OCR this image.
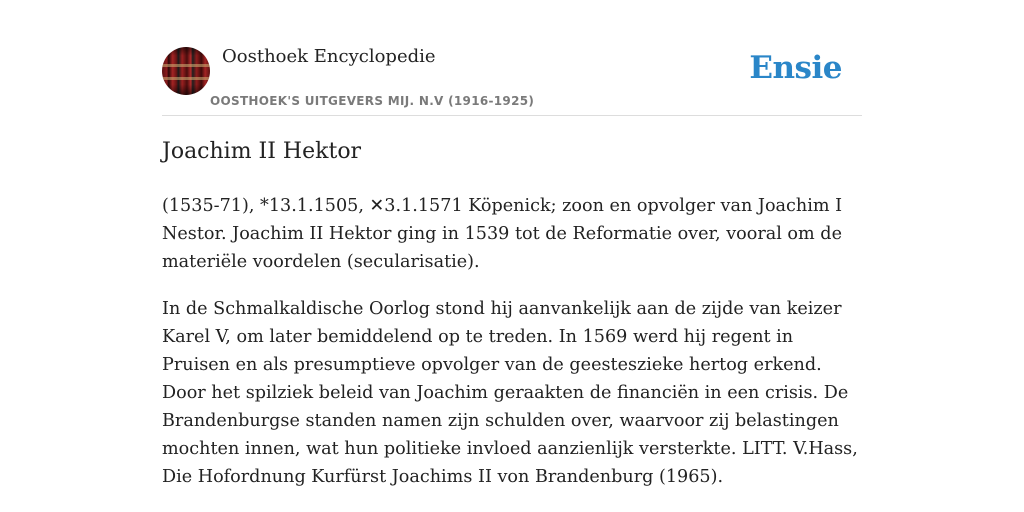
Oosthoek Encyclopedie
OOSTHOEK'S UITGEVERS MIJ. N.V (1916-1925)
Ensie
Joachim II Hektor

(1535-71), *13.1.1505, ✕3.1.1571 Köpenick; zoon en opvolger van Joachim I Nestor. Joachim II Hektor ging in 1539 tot de Reformatie over, vooral om de materiële voordelen (secularisatie).

In de Schmalkaldische Oorlog stond hij aanvankelijk aan de zijde van keizer Karel V, om later bemiddelend op te treden. In 1569 werd hij regent in Pruisen en als presumptieve opvolger van de geesteszieke hertog erkend. Door het spilziek beleid van Joachim geraakten de financiën in een crisis. De Brandenburgse standen namen zijn schulden over, waarvoor zij belastingen mochten innen, wat hun politieke invloed aanzienlijk versterkte. LITT. V.Hass, Die Hofordnung Kurfürst Joachims II von Brandenburg (1965).
